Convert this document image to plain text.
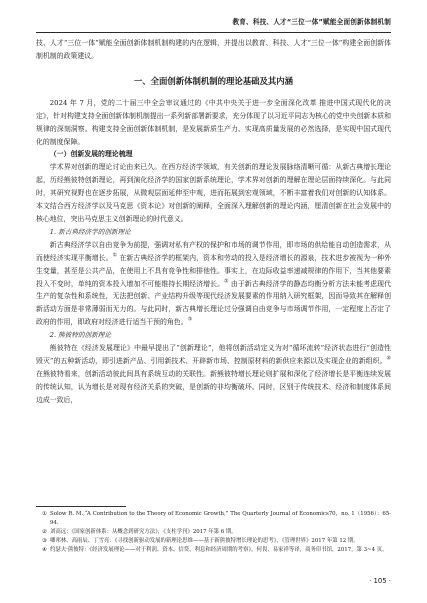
教育、科技、人才“三位一体”赋能全面创新体制机制

技、人才“三位一体”赋能全面创新体制机制构建的内在逻辑，并提出以教育、科技、人才“三位一体”构建全面创新体制机制的政策建议。

一、全面创新体制机制的理论基础及其内涵

2024 年 7 月，党的二十届三中全会审议通过的《中共中央关于进一步全面深化改革 推进中国式现代化的决定》，针对构建支持全面创新体制机制提出一系列新部署新要求，充分体现了以习近平同志为核心的党中央创新本质和规律的深刻洞察。构建支持全面创新体制机制，是发展新质生产力、实现高质量发展的必然选择，是实现中国式现代化的制度保障。

（一）创新发展的理论梳理

学术界对创新的理论讨论由来已久。在西方经济学领域，有关创新的理论发展脉络清晰可循：从新古典增长理论起，历经熊彼特创新理论，再到演化经济学的国家创新系统理论，学术界对创新的理解在理论层面持续深化。与此同时，其研究视野也在逐步拓展，从微观层面延伸至中观，进而拓展到宏观领域，不断丰富着我们对创新的认知体系。本文结合西方经济学以及马克思《资本论》对创新的阐释，全面深入理解创新的理论内涵，厘清创新在社会发展中的核心地位，突出马克思主义创新理论的时代意义。

1. 新古典经济学的创新理论

新古典经济学以自由竞争为前提，强调对私有产权的保护和市场的调节作用，即市场的供给能自动创造需求，从而使经济实现平衡增长。① 在新古典经济学的框架内，资本和劳动的投入是经济增长的源泉，技术进步被视为一种外生变量，甚至是公共产品，在使用上不具有竞争性和排他性。事实上，在边际收益率递减规律的作用下，当其他要素投入不变时，单纯的资本投入增加不可能维持长期经济增长。② 由于新古典经济学的静态均衡分析方法未能考虑现代生产的复杂性和系统性，无法把创新、产业结构升级等现代经济发展要素的作用纳入研究框架，因而导致其在解释创新活动方面是非常薄弱而无力的。与此同时，新古典增长理论过分强调自由竞争与市场调节作用，一定程度上否定了政府的作用，即政府对经济进行适当干预的角色。③

2. 熊彼特的创新理论

熊彼特在《经济发展理论》中最早提出了“创新理论”，他将创新活动定义为对“循环流转”经济状态进行“创造性毁灭”的五种新活动，即引进新产品、引用新技术、开辟新市场、控制原材料的新供应来源以及实现企业的新组织。④ 在熊彼特看来，创新活动彼此间具有系统互动的关联性。新熊彼特增长理论则扩展和深化了经济增长是平衡连续发展的传统认知，认为增长是对现有经济关系的突破，是创新的非均衡破坏。同时，区别于传统技术、经济和制度体系间边成一致后，

① Solow R. M.,“A Contribution to the Theory of Economic Growth,” The Quarterly Journal of Economics70，no. 1（1956）：65-94.
② 刘高远：《国家创新体系：从概念到研究方法》，《支柱学刊》2017 年第 6 期。
③ 卿邦林、高雨辰、丁雪亮：《寻找创新驱动发展的新理论思维——基于新熊彼特增长理论的思考》，《管理世界》2017 年第 12 期。
④ 约瑟夫·熊彼特：《经济发展理论——对于利润、资本、信贷、利息和经济周期的考察》，何畏、易家祥等译，商务印书馆，2017，第 3~4 页。
· 105 ·
